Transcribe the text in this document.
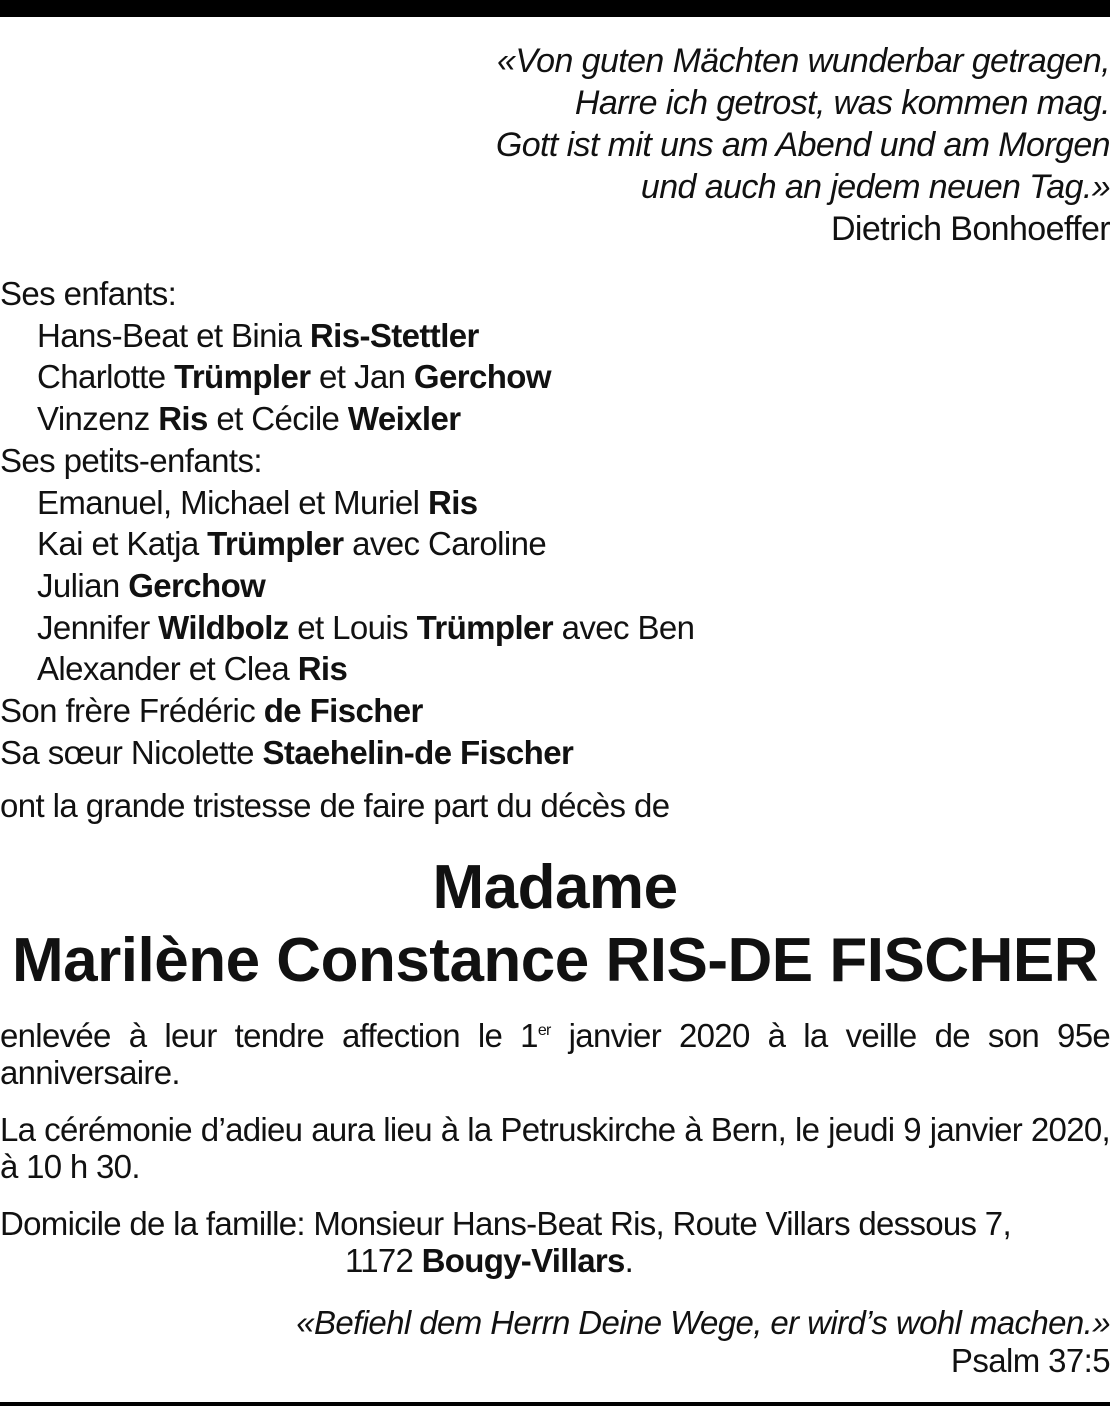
«Von guten Mächten wunderbar getragen,
Harre ich getrost, was kommen mag.
Gott ist mit uns am Abend und am Morgen
und auch an jedem neuen Tag.»
Dietrich Bonhoeffer
Ses enfants:
Hans-Beat et Binia Ris-Stettler
Charlotte Trümpler et Jan Gerchow
Vinzenz Ris et Cécile Weixler
Ses petits-enfants:
Emanuel, Michael et Muriel Ris
Kai et Katja Trümpler avec Caroline
Julian Gerchow
Jennifer Wildbolz et Louis Trümpler avec Ben
Alexander et Clea Ris
Son frère Frédéric de Fischer
Sa sœur Nicolette Staehelin-de Fischer
ont la grande tristesse de faire part du décès de
Madame
Marilène Constance RIS-DE FISCHER
enlevée à leur tendre affection le 1er janvier 2020 à la veille de son 95e anniversaire.
La cérémonie d’adieu aura lieu à la Petruskirche à Bern, le jeudi 9 janvier 2020, à 10 h 30.
Domicile de la famille: Monsieur Hans-Beat Ris, Route Villars dessous 7,
1172 Bougy-Villars.
«Befiehl dem Herrn Deine Wege, er wird’s wohl machen.»
Psalm 37:5
